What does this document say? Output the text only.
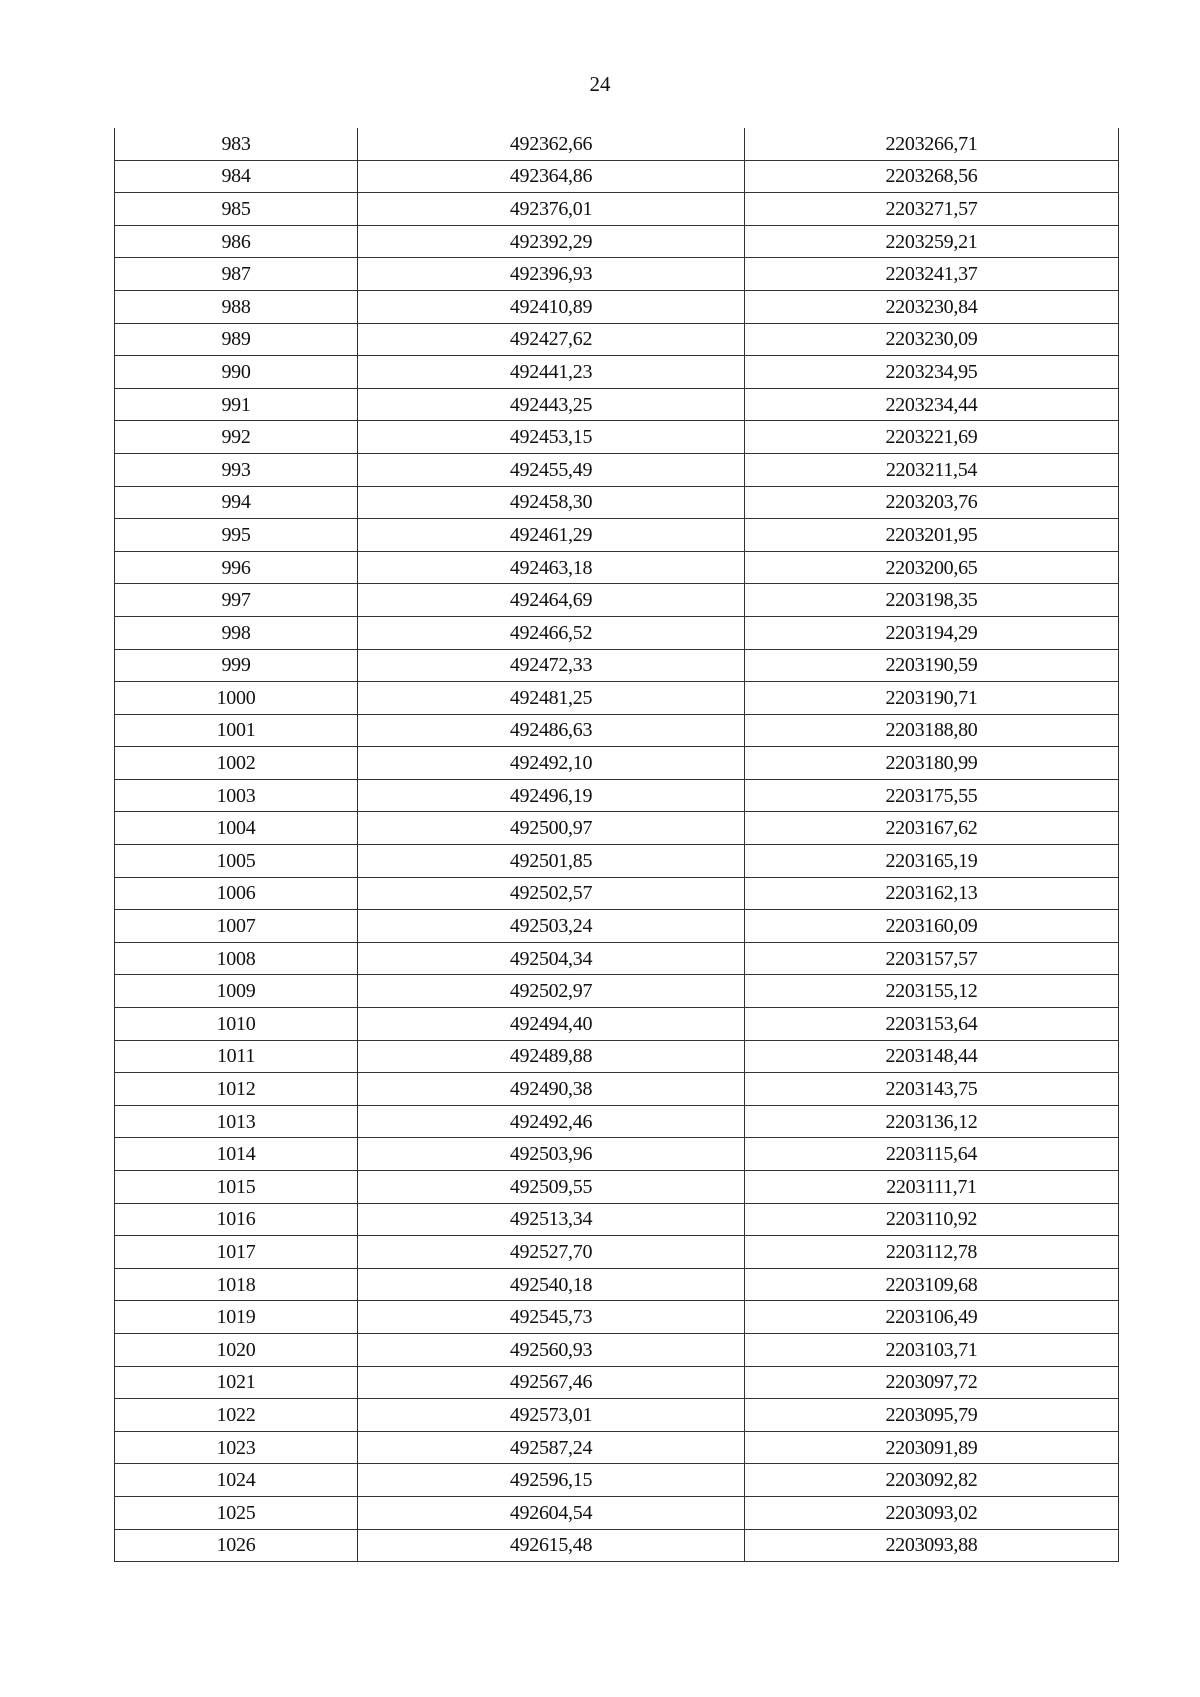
24
983	492362,66	2203266,71
984	492364,86	2203268,56
985	492376,01	2203271,57
986	492392,29	2203259,21
987	492396,93	2203241,37
988	492410,89	2203230,84
989	492427,62	2203230,09
990	492441,23	2203234,95
991	492443,25	2203234,44
992	492453,15	2203221,69
993	492455,49	2203211,54
994	492458,30	2203203,76
995	492461,29	2203201,95
996	492463,18	2203200,65
997	492464,69	2203198,35
998	492466,52	2203194,29
999	492472,33	2203190,59
1000	492481,25	2203190,71
1001	492486,63	2203188,80
1002	492492,10	2203180,99
1003	492496,19	2203175,55
1004	492500,97	2203167,62
1005	492501,85	2203165,19
1006	492502,57	2203162,13
1007	492503,24	2203160,09
1008	492504,34	2203157,57
1009	492502,97	2203155,12
1010	492494,40	2203153,64
1011	492489,88	2203148,44
1012	492490,38	2203143,75
1013	492492,46	2203136,12
1014	492503,96	2203115,64
1015	492509,55	2203111,71
1016	492513,34	2203110,92
1017	492527,70	2203112,78
1018	492540,18	2203109,68
1019	492545,73	2203106,49
1020	492560,93	2203103,71
1021	492567,46	2203097,72
1022	492573,01	2203095,79
1023	492587,24	2203091,89
1024	492596,15	2203092,82
1025	492604,54	2203093,02
1026	492615,48	2203093,88
